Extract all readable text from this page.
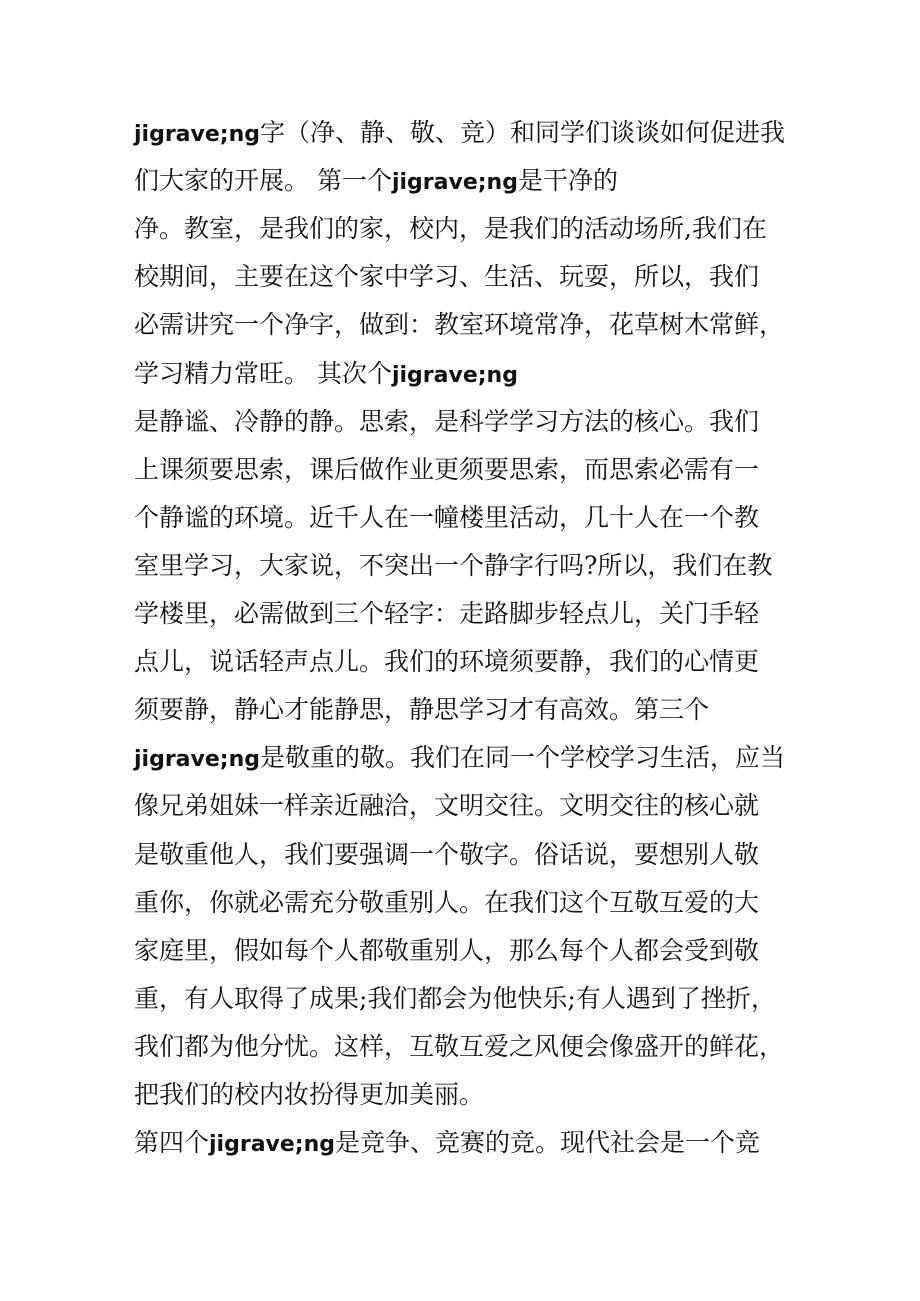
jigrave;ng字（净、静、敬、竞）和同学们谈谈如何促进我
们大家的开展。 第一个jigrave;ng是干净的
净。教室，是我们的家，校内，是我们的活动场所,我们在
校期间，主要在这个家中学习、生活、玩耍，所以，我们
必需讲究一个净字，做到：教室环境常净，花草树木常鲜，
学习精力常旺。 其次个jigrave;ng
是静谧、冷静的静。思索，是科学学习方法的核心。我们
上课须要思索，课后做作业更须要思索，而思索必需有一
个静谧的环境。近千人在一幢楼里活动，几十人在一个教
室里学习，大家说，不突出一个静字行吗?所以，我们在教
学楼里，必需做到三个轻字：走路脚步轻点儿，关门手轻
点儿，说话轻声点儿。我们的环境须要静，我们的心情更
须要静，静心才能静思，静思学习才有高效。第三个
jigrave;ng是敬重的敬。我们在同一个学校学习生活，应当
像兄弟姐妹一样亲近融洽，文明交往。文明交往的核心就
是敬重他人，我们要强调一个敬字。俗话说，要想别人敬
重你，你就必需充分敬重别人。在我们这个互敬互爱的大
家庭里，假如每个人都敬重别人，那么每个人都会受到敬
重，有人取得了成果;我们都会为他快乐;有人遇到了挫折，
我们都为他分忧。这样，互敬互爱之风便会像盛开的鲜花，
把我们的校内妆扮得更加美丽。
第四个jigrave;ng是竞争、竞赛的竞。现代社会是一个竞
